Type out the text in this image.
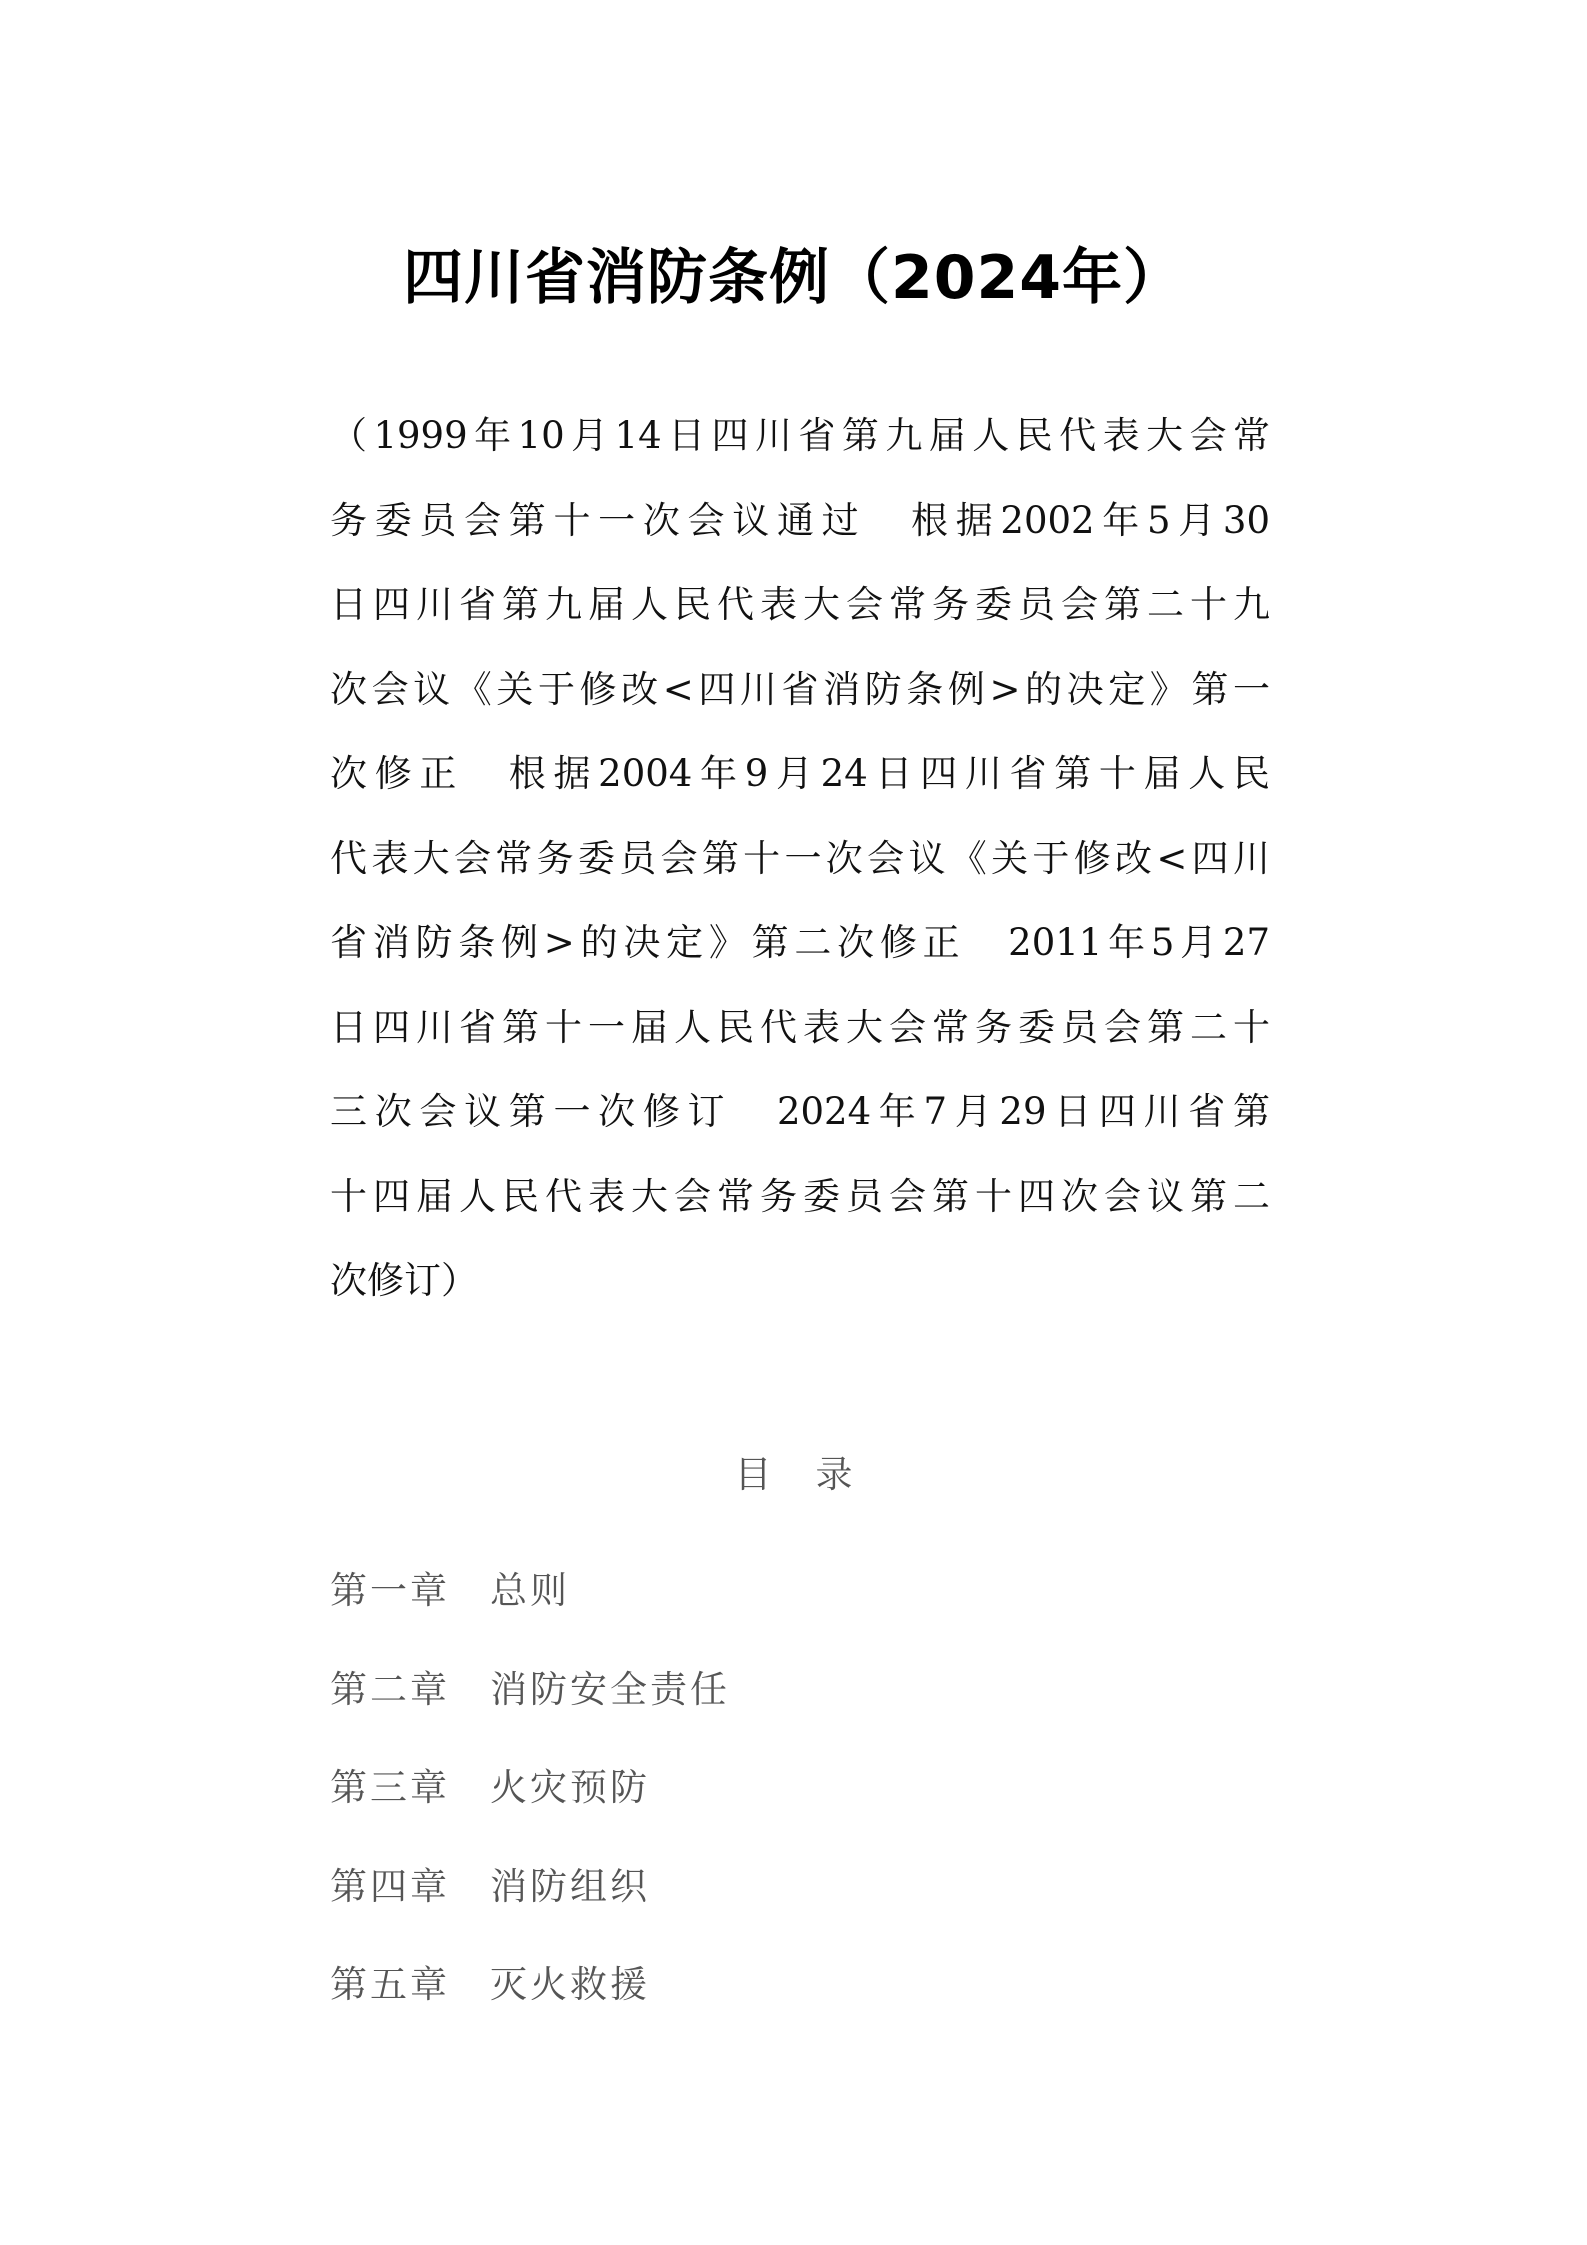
四川省消防条例（2024年）
（1999年10月14日四川省第九届人民代表大会常
务委员会第十一次会议通过　根据2002年5月30
日四川省第九届人民代表大会常务委员会第二十九
次会议《关于修改<四川省消防条例>的决定》第一
次修正　根据2004年9月24日四川省第十届人民
代表大会常务委员会第十一次会议《关于修改<四川
省消防条例>的决定》第二次修正　2011年5月27
日四川省第十一届人民代表大会常务委员会第二十
三次会议第一次修订　2024年7月29日四川省第
十四届人民代表大会常务委员会第十四次会议第二
次修订）
目 录
第一章	总则
第二章	消防安全责任
第三章	火灾预防
第四章	消防组织
第五章	灭火救援
